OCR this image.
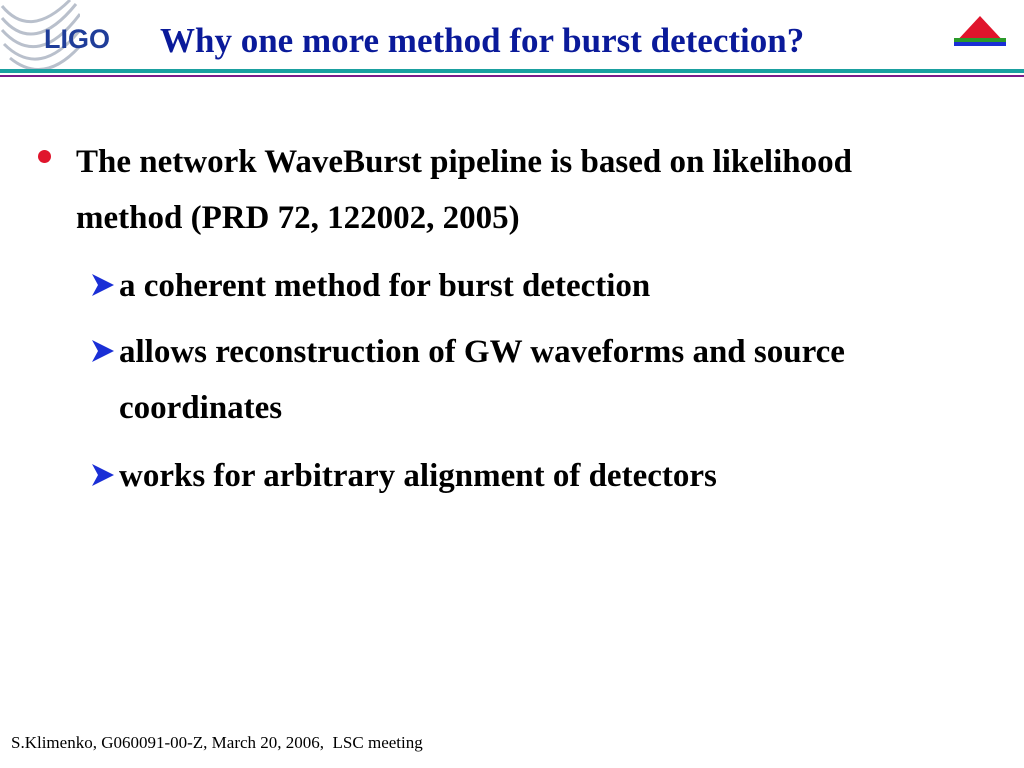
LIGO Why one more method for burst detection?
The network WaveBurst pipeline is based on likelihood method (PRD 72, 122002, 2005)
a coherent method for burst detection
allows reconstruction of GW waveforms and source coordinates
works for arbitrary alignment of detectors
S.Klimenko, G060091-00-Z, March 20, 2006,  LSC meeting
